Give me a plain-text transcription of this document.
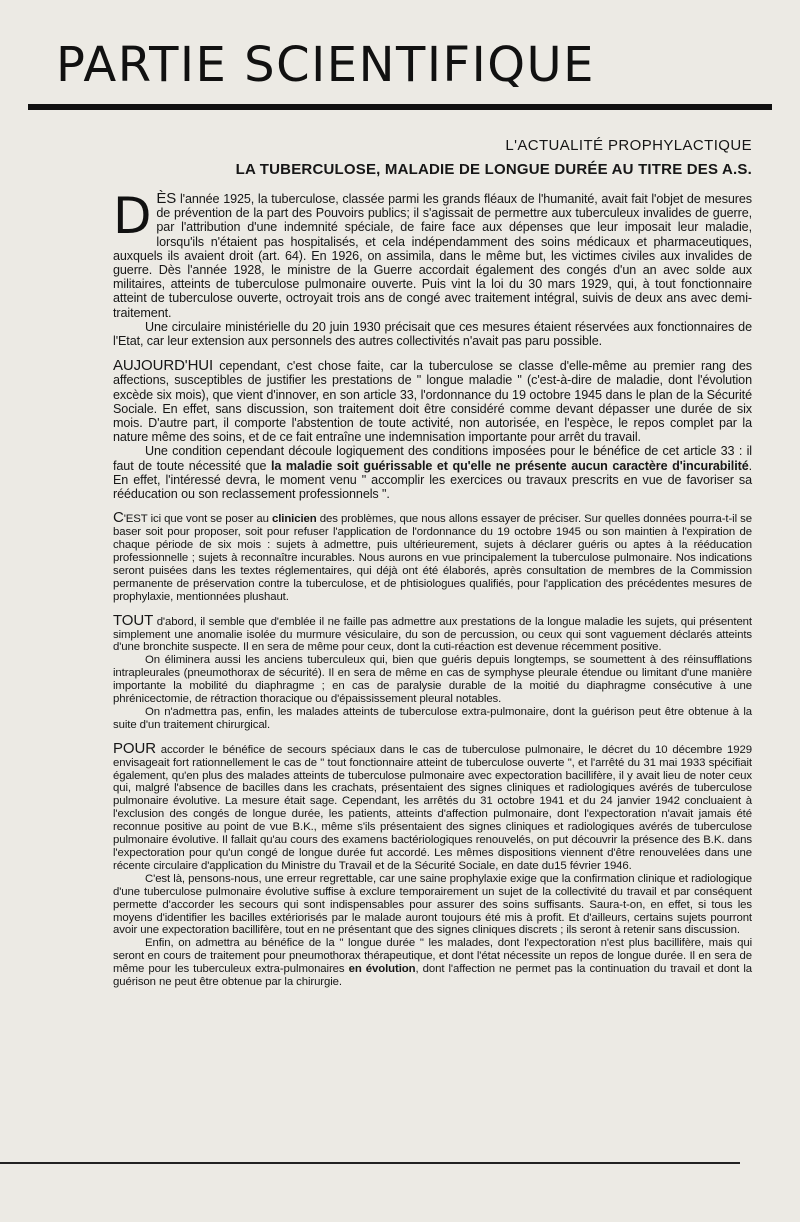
PARTIE SCIENTIFIQUE
L'ACTUALITÉ PROPHYLACTIQUE
LA TUBERCULOSE, MALADIE DE LONGUE DURÉE AU TITRE DES A.S.

DÈS l'année 1925, la tuberculose, classée parmi les grands fléaux de l'humanité, avait fait l'objet de mesures de prévention de la part des Pouvoirs publics; il s'agissait de permettre aux tuberculeux invalides de guerre, par l'attribution d'une indemnité spéciale, de faire face aux dépenses que leur imposait leur maladie, lorsqu'ils n'étaient pas hospitalisés, et cela indépendamment des soins médicaux et pharmaceutiques, auxquels ils avaient droit (art. 64). En 1926, on assimila, dans le même but, les victimes civiles aux invalides de guerre. Dès l'année 1928, le ministre de la Guerre accordait également des congés d'un an avec solde aux militaires, atteints de tuberculose pulmonaire ouverte. Puis vint la loi du 30 mars 1929, qui, à tout fonctionnaire atteint de tuberculose ouverte, octroyait trois ans de congé avec traitement intégral, suivis de deux ans avec demi-traitement.

Une circulaire ministérielle du 20 juin 1930 précisait que ces mesures étaient réservées aux fonctionnaires de l'Etat, car leur extension aux personnels des autres collectivités n'avait pas paru possible.

AUJOURD'HUI cependant, c'est chose faite, car la tuberculose se classe d'elle-même au premier rang des affections, susceptibles de justifier les prestations de " longue maladie " (c'est-à-dire de maladie, dont l'évolution excède six mois), que vient d'innover, en son article 33, l'ordonnance du 19 octobre 1945 dans le plan de la Sécurité Sociale. En effet, sans discussion, son traitement doit être considéré comme devant dépasser une durée de six mois. D'autre part, il comporte l'abstention de toute activité, non autorisée, en l'espèce, le repos complet par la nature même des soins, et de ce fait entraîne une indemnisation importante pour arrêt du travail.

Une condition cependant découle logiquement des conditions imposées pour le bénéfice de cet article 33 : il faut de toute nécessité que la maladie soit guérissable et qu'elle ne présente aucun caractère d'incurabilité. En effet, l'intéressé devra, le moment venu " accomplir les exercices ou travaux prescrits en vue de favoriser sa rééducation ou son reclassement professionnels ".

C'EST ici que vont se poser au clinicien des problèmes, que nous allons essayer de préciser. Sur quelles données pourra-t-il se baser soit pour proposer, soit pour refuser l'application de l'ordonnance du 19 octobre 1945 ou son maintien à l'expiration de chaque période de six mois : sujets à admettre, puis ultérieurement, sujets à déclarer guéris ou aptes à la rééducation professionnelle ; sujets à reconnaître incurables. Nous aurons en vue principalement la tuberculose pulmonaire. Nos indications seront puisées dans les textes réglementaires, qui déjà ont été élaborés, après consultation de membres de la Commission permanente de préservation contre la tuberculose, et de phtisiologues qualifiés, pour l'application des précédentes mesures de prophylaxie, mentionnées plushaut.

TOUT d'abord, il semble que d'emblée il ne faille pas admettre aux prestations de la longue maladie les sujets, qui présentent simplement une anomalie isolée du murmure vésiculaire, du son de percussion, ou ceux qui sont vaguement déclarés atteints d'une bronchite suspecte. Il en sera de même pour ceux, dont la cuti-réaction est devenue récemment positive.

On éliminera aussi les anciens tuberculeux qui, bien que guéris depuis longtemps, se soumettent à des réinsufflations intrapleurales (pneumothorax de sécurité). Il en sera de même en cas de symphyse pleurale étendue ou limitant d'une manière importante la mobilité du diaphragme ; en cas de paralysie durable de la moitié du diaphragme consécutive à une phrénicectomie, de rétraction thoracique ou d'épaississement pleural notables.

On n'admettra pas, enfin, les malades atteints de tuberculose extra-pulmonaire, dont la guérison peut être obtenue à la suite d'un traitement chirurgical.

POUR accorder le bénéfice de secours spéciaux dans le cas de tuberculose pulmonaire, le décret du 10 décembre 1929 envisageait fort rationnellement le cas de " tout fonctionnaire atteint de tuberculose ouverte ", et l'arrêté du 31 mai 1933 spécifiait également, qu'en plus des malades atteints de tuberculose pulmonaire avec expectoration bacillifère, il y avait lieu de noter ceux qui, malgré l'absence de bacilles dans les crachats, présentaient des signes cliniques et radiologiques avérés de tuberculose pulmonaire évolutive. La mesure était sage. Cependant, les arrêtés du 31 octobre 1941 et du 24 janvier 1942 concluaient à l'exclusion des congés de longue durée, les patients, atteints d'affection pulmonaire, dont l'expectoration n'avait jamais été reconnue positive au point de vue B.K., même s'ils présentaient des signes cliniques et radiologiques avérés de tuberculose pulmonaire évolutive. Il fallait qu'au cours des examens bactériologiques renouvelés, on put découvrir la présence des B.K. dans l'expectoration pour qu'un congé de longue durée fut accordé. Les mêmes dispositions viennent d'être renouvelées dans une récente circulaire d'application du Ministre du Travail et de la Sécurité Sociale, en date du15 février 1946.

C'est là, pensons-nous, une erreur regrettable, car une saine prophylaxie exige que la confirmation clinique et radiologique d'une tuberculose pulmonaire évolutive suffise à exclure temporairement un sujet de la collectivité du travail et par conséquent permette d'accorder les secours qui sont indispensables pour assurer des soins suffisants. Saura-t-on, en effet, si tous les moyens d'identifier les bacilles extériorisés par le malade auront toujours été mis à profit. Et d'ailleurs, certains sujets pourront avoir une expectoration bacillifère, tout en ne présentant que des signes cliniques discrets ; ils seront à retenir sans discussion.

Enfin, on admettra au bénéfice de la " longue durée " les malades, dont l'expectoration n'est plus bacillifère, mais qui seront en cours de traitement pour pneumothorax thérapeutique, et dont l'état nécessite un repos de longue durée. Il en sera de même pour les tuberculeux extra-pulmonaires en évolution, dont l'affection ne permet pas la continuation du travail et dont la guérison ne peut être obtenue par la chirurgie.
